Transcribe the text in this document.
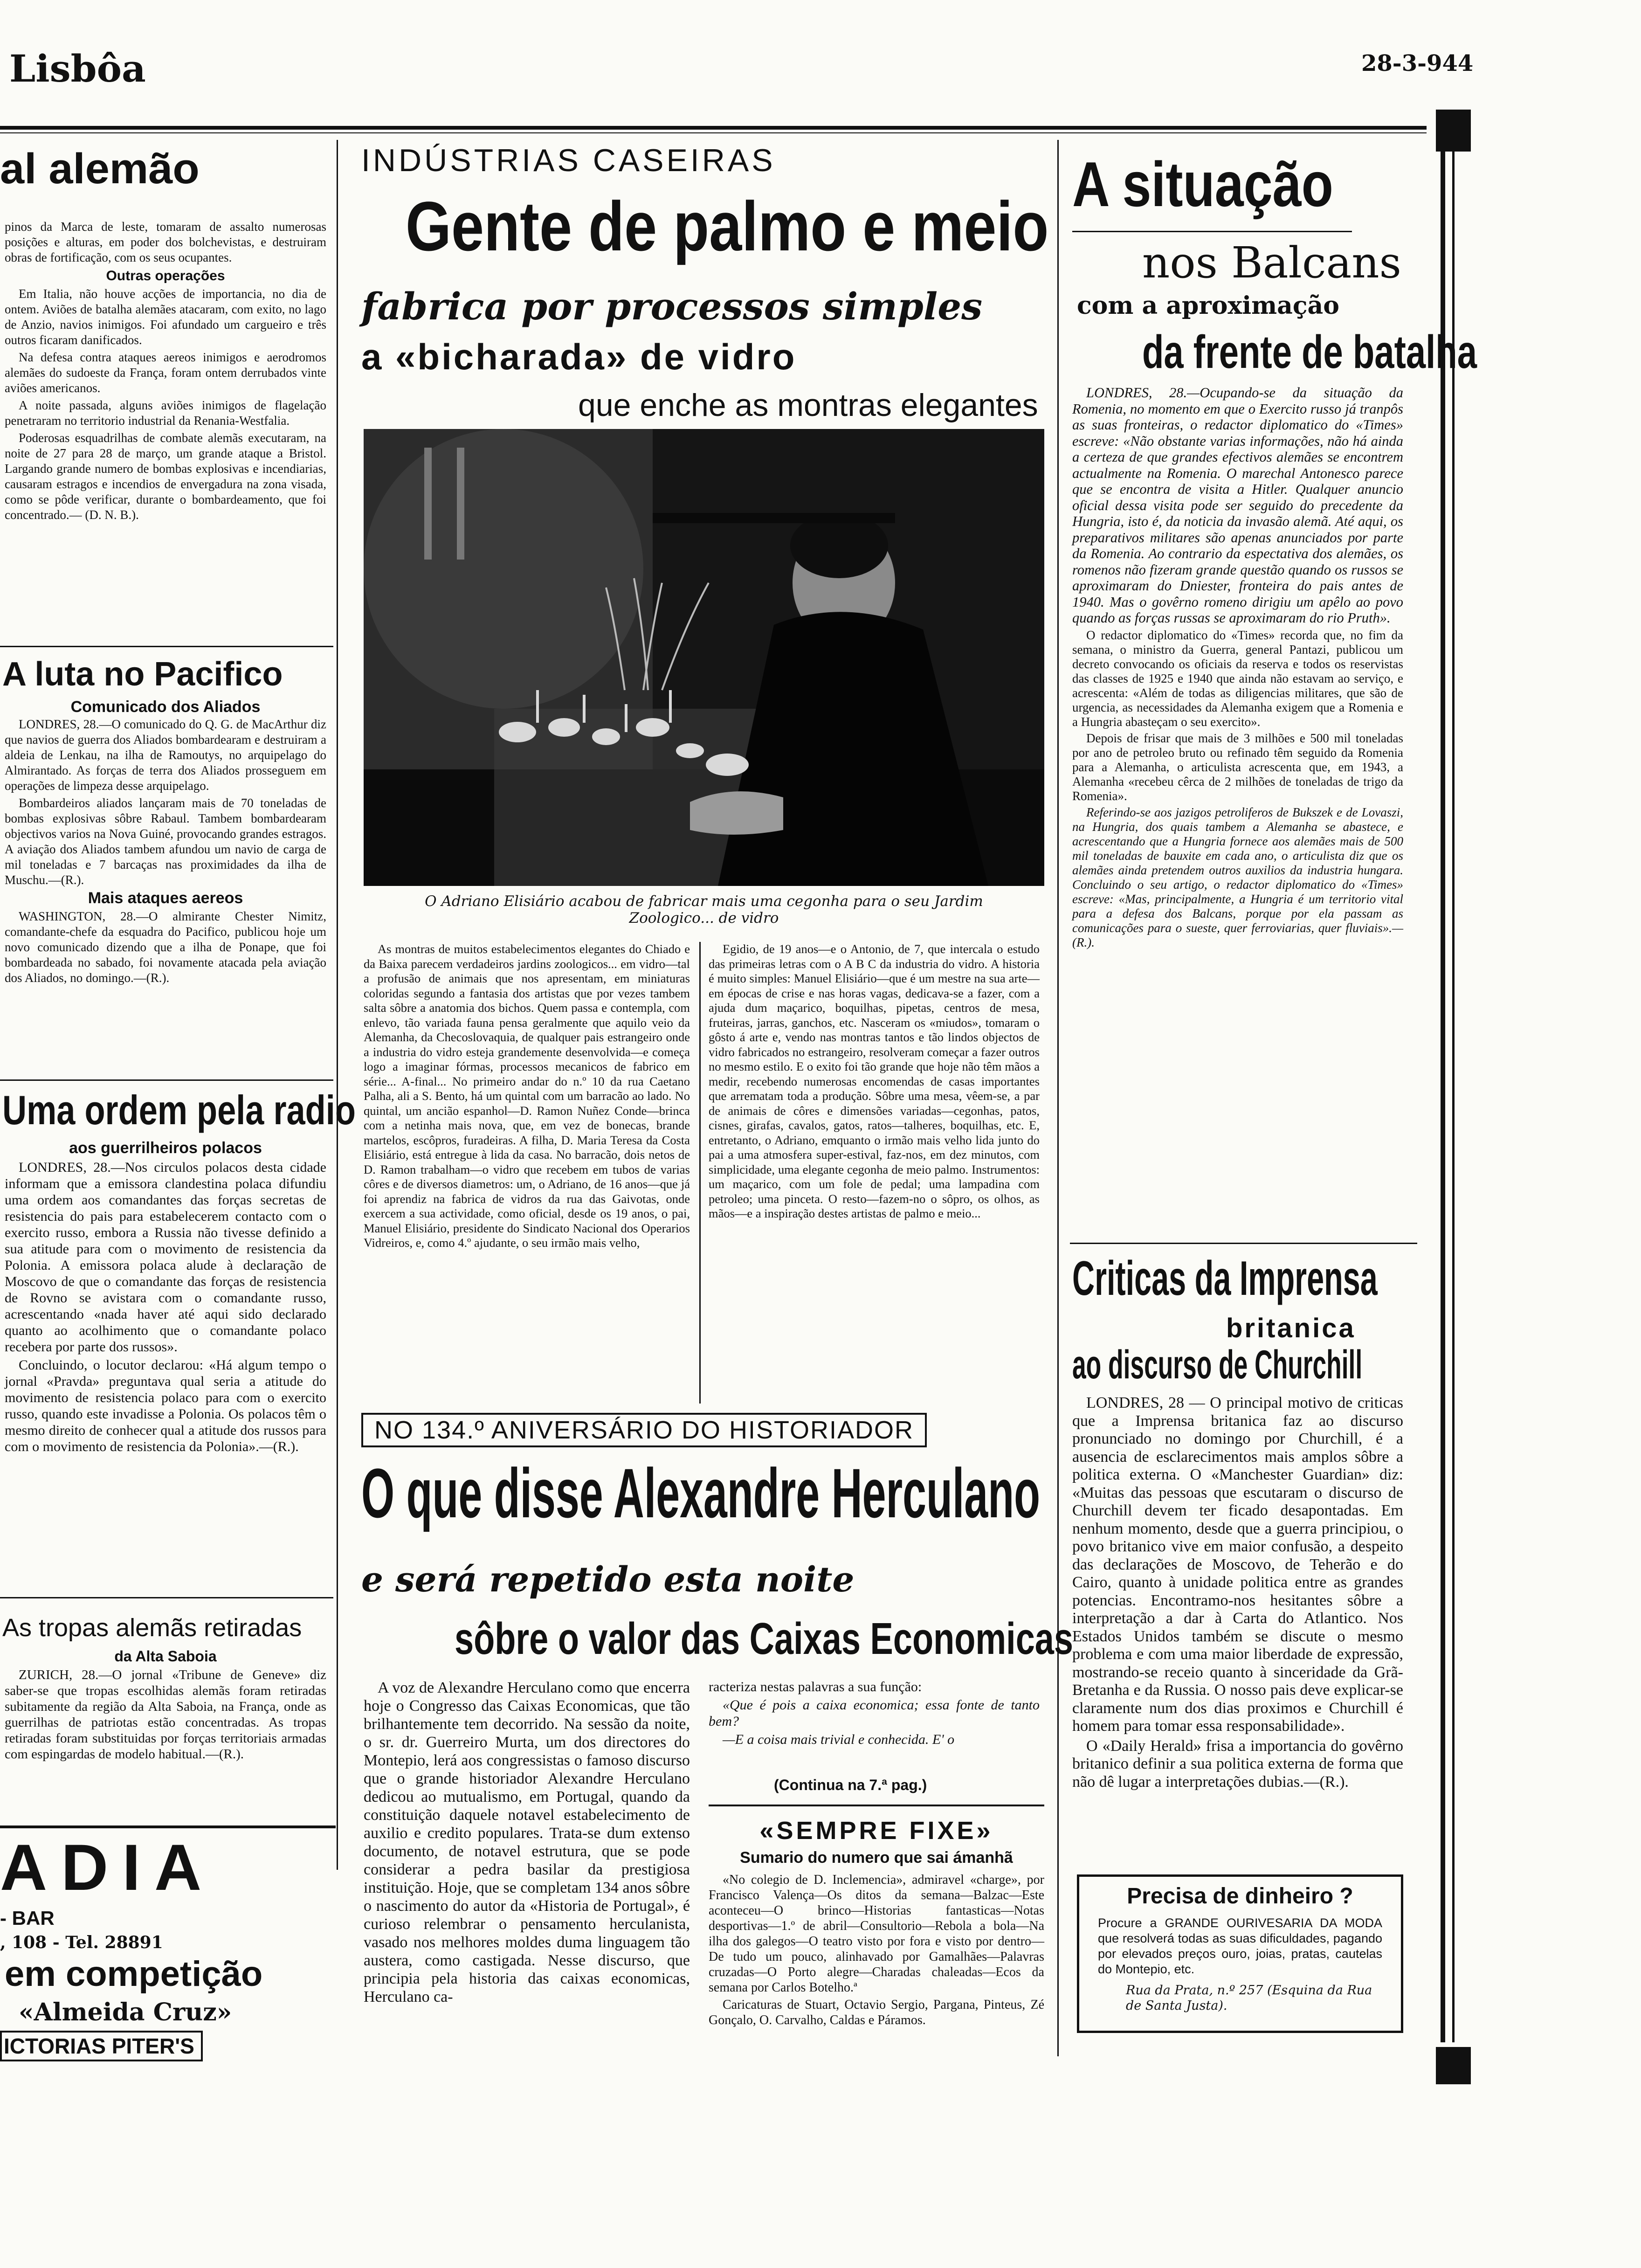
Lisbôa	28-3-944
al alemão

pinos da Marca de leste, tomaram de assalto numerosas posições e alturas, em poder dos bolchevistas, e destruiram obras de fortificação, com os seus ocupantes.

Outras operações

Em Italia, não houve acções de importancia, no dia de ontem. Aviões de batalha alemães atacaram, com exito, no lago de Anzio, navios inimigos. Foi afundado um cargueiro e três outros ficaram danificados.

Na defesa contra ataques aereos inimigos e aerodromos alemães do sudoeste da França, foram ontem derrubados vinte aviões americanos.

A noite passada, alguns aviões inimigos de flagelação penetraram no territorio industrial da Renania-Westfalia.

Poderosas esquadrilhas de combate alemãs executaram, na noite de 27 para 28 de março, um grande ataque a Bristol. Largando grande numero de bombas explosivas e incendiarias, causaram estragos e incendios de envergadura na zona visada, como se pôde verificar, durante o bombardeamento, que foi concentrado.— (D. N. B.).

A luta no Pacifico
Comunicado dos Aliados

LONDRES, 28.—O comunicado do Q. G. de MacArthur diz que navios de guerra dos Aliados bombardearam e destruiram a aldeia de Lenkau, na ilha de Ramoutys, no arquipelago do Almirantado. As forças de terra dos Aliados prosseguem em operações de limpeza desse arquipelago.

Bombardeiros aliados lançaram mais de 70 toneladas de bombas explosivas sôbre Rabaul. Tambem bombardearam objectivos varios na Nova Guiné, provocando grandes estragos. A aviação dos Aliados tambem afundou um navio de carga de mil toneladas e 7 barcaças nas proximidades da ilha de Muschu.—(R.).

Mais ataques aereos

WASHINGTON, 28.—O almirante Chester Nimitz, comandante-chefe da esquadra do Pacifico, publicou hoje um novo comunicado dizendo que a ilha de Ponape, que foi bombardeada no sabado, foi novamente atacada pela aviação dos Aliados, no domingo.—(R.).

Uma ordem pela radio
aos guerrilheiros polacos

LONDRES, 28.—Nos circulos polacos desta cidade informam que a emissora clandestina polaca difundiu uma ordem aos comandantes das forças secretas de resistencia do pais para estabelecerem contacto com o exercito russo, embora a Russia não tivesse definido a sua atitude para com o movimento de resistencia da Polonia. A emissora polaca alude à declaração de Moscovo de que o comandante das forças de resistencia de Rovno se avistara com o comandante russo, acrescentando «nada haver até aqui sido declarado quanto ao acolhimento que o comandante polaco recebera por parte dos russos».

Concluindo, o locutor declarou: «Há algum tempo o jornal «Pravda» preguntava qual seria a atitude do movimento de resistencia polaco para com o exercito russo, quando este invadisse a Polonia. Os polacos têm o mesmo direito de conhecer qual a atitude dos russos para com o movimento de resistencia da Polonia».—(R.).

As tropas alemãs retiradas
da Alta Saboia

ZURICH, 28.—O jornal «Tribune de Geneve» diz saber-se que tropas escolhidas alemãs foram retiradas subitamente da região da Alta Saboia, na França, onde as guerrilhas de patriotas estão concentradas. As tropas retiradas foram substituidas por forças territoriais armadas com espingardas de modelo habitual.—(R.).

ADIA
- BAR
, 108 - Tel. 28891
em competição
«Almeida Cruz»
ICTORIAS PITER'S
INDÚSTRIAS CASEIRAS
Gente de palmo e meio
fabrica por processos simples
a «bicharada» de vidro
que enche as montras elegantes
O Adriano Elisiário acabou de fabricar mais uma cegonha para o seu Jardim Zoologico... de vidro
As montras de muitos estabelecimentos elegantes do Chiado e da Baixa parecem verdadeiros jardins zoologicos... em vidro—tal a profusão de animais que nos apresentam, em miniaturas coloridas segundo a fantasia dos artistas que por vezes tambem salta sôbre a anatomia dos bichos. Quem passa e contempla, com enlevo, tão variada fauna pensa geralmente que aquilo veio da Alemanha, da Checoslovaquia, de qualquer pais estrangeiro onde a industria do vidro esteja grandemente desenvolvida—e começa logo a imaginar fórmas, processos mecanicos de fabrico em série... A-final... No primeiro andar do n.º 10 da rua Caetano Palha, ali a S. Bento, há um quintal com um barracão ao lado. No quintal, um ancião espanhol—D. Ramon Nuñez Conde—brinca com a netinha mais nova, que, em vez de bonecas, brande martelos, escôpros, furadeiras. A filha, D. Maria Teresa da Costa Elisiário, está entregue à lida da casa. No barracão, dois netos de D. Ramon trabalham—o vidro que recebem em tubos de varias côres e de diversos diametros: um, o Adriano, de 16 anos—que já foi aprendiz na fabrica de vidros da rua das Gaivotas, onde exercem a sua actividade, como oficial, desde os 19 anos, o pai, Manuel Elisiário, presidente do Sindicato Nacional dos Operarios Vidreiros, e, como 4.º ajudante, o seu irmão mais velho,
Egidio, de 19 anos—e o Antonio, de 7, que intercala o estudo das primeiras letras com o A B C da industria do vidro. A historia é muito simples: Manuel Elisiário—que é um mestre na sua arte—em épocas de crise e nas horas vagas, dedicava-se a fazer, com a ajuda dum maçarico, boquilhas, pipetas, centros de mesa, fruteiras, jarras, ganchos, etc. Nasceram os «miudos», tomaram o gôsto á arte e, vendo nas montras tantos e tão lindos objectos de vidro fabricados no estrangeiro, resolveram começar a fazer outros no mesmo estilo. E o exito foi tão grande que hoje não têm mãos a medir, recebendo numerosas encomendas de casas importantes que arrematam toda a produção. Sôbre uma mesa, vêem-se, a par de animais de côres e dimensões variadas—cegonhas, patos, cisnes, girafas, cavalos, gatos, ratos—talheres, boquilhas, etc. E, entretanto, o Adriano, emquanto o irmão mais velho lida junto do pai a uma atmosfera super-estival, faz-nos, em dez minutos, com simplicidade, uma elegante cegonha de meio palmo. Instrumentos: um maçarico, com um fole de pedal; uma lampadina com petroleo; uma pinceta. O resto—fazem-no o sôpro, os olhos, as mãos—e a inspiração destes artistas de palmo e meio...
NO 134.º ANIVERSÁRIO DO HISTORIADOR
O que disse Alexandre Herculano
e será repetido esta noite
sôbre o valor das Caixas Economicas
A voz de Alexandre Herculano como que encerra hoje o Congresso das Caixas Economicas, que tão brilhantemente tem decorrido. Na sessão da noite, o sr. dr. Guerreiro Murta, um dos directores do Montepio, lerá aos congressistas o famoso discurso que o grande historiador Alexandre Herculano dedicou ao mutualismo, em Portugal, quando da constituição daquele notavel estabelecimento de auxilio e credito populares. Trata-se dum extenso documento, de notavel estrutura, que se pode considerar a pedra basilar da prestigiosa instituição. Hoje, que se completam 134 anos sôbre o nascimento do autor da «Historia de Portugal», é curioso relembrar o pensamento herculanista, vasado nos melhores moldes duma linguagem tão austera, como castigada. Nesse discurso, que principia pela historia das caixas economicas, Herculano ca-

racteriza nestas palavras a sua função:

«Que é pois a caixa economica; essa fonte de tanto bem?

—E a coisa mais trivial e conhecida. E' o

(Continua na 7.ª pag.)
«SEMPRE FIXE»
Sumario do numero que sai ámanhã

«No colegio de D. Inclemencia», admiravel «charge», por Francisco Valença—Os ditos da semana—Balzac—Este aconteceu—O brinco—Historias fantasticas—Notas desportivas—1.º de abril—Consultorio—Rebola a bola—Na ilha dos galegos—O teatro visto por fora e visto por dentro—De tudo um pouco, alinhavado por Gamalhães—Palavras cruzadas—O Porto alegre—Charadas chaleadas—Ecos da semana por Carlos Botelho.ª

Caricaturas de Stuart, Octavio Sergio, Pargana, Pinteus, Zé Gonçalo, O. Carvalho, Caldas e Páramos.

A situação
nos Balcans
com a aproximação
da frente de batalha

LONDRES, 28.—Ocupando-se da situação da Romenia, no momento em que o Exercito russo já tranpôs as suas fronteiras, o redactor diplomatico do «Times» escreve: «Não obstante varias informações, não há ainda a certeza de que grandes efectivos alemães se encontrem actualmente na Romenia. O marechal Antonesco parece que se encontra de visita a Hitler. Qualquer anuncio oficial dessa visita pode ser seguido do precedente da Hungria, isto é, da noticia da invasão alemã. Até aqui, os preparativos militares são apenas anunciados por parte da Romenia. Ao contrario da espectativa dos alemães, os romenos não fizeram grande questão quando os russos se aproximaram do Dniester, fronteira do pais antes de 1940. Mas o govêrno romeno dirigiu um apêlo ao povo quando as forças russas se aproximaram do rio Pruth».

O redactor diplomatico do «Times» recorda que, no fim da semana, o ministro da Guerra, general Pantazi, publicou um decreto convocando os oficiais da reserva e todos os reservistas das classes de 1925 e 1940 que ainda não estavam ao serviço, e acrescenta: «Além de todas as diligencias militares, que são de urgencia, as necessidades da Alemanha exigem que a Romenia e a Hungria abasteçam o seu exercito».

Depois de frisar que mais de 3 milhões e 500 mil toneladas por ano de petroleo bruto ou refinado têm seguido da Romenia para a Alemanha, o articulista acrescenta que, em 1943, a Alemanha «recebeu cêrca de 2 milhões de toneladas de trigo da Romenia».

Referindo-se aos jazigos petroliferos de Bukszek e de Lovaszi, na Hungria, dos quais tambem a Alemanha se abastece, e acrescentando que a Hungria fornece aos alemães mais de 500 mil toneladas de bauxite em cada ano, o articulista diz que os alemães ainda pretendem outros auxilios da industria hungara. Concluindo o seu artigo, o redactor diplomatico do «Times» escreve: «Mas, principalmente, a Hungria é um territorio vital para a defesa dos Balcans, porque por ela passam as comunicações para o sueste, quer ferroviarias, quer fluviais».—(R.).

Criticas da Imprensa
britanica
ao discurso de Churchill

LONDRES, 28 — O principal motivo de criticas que a Imprensa britanica faz ao discurso pronunciado no domingo por Churchill, é a ausencia de esclarecimentos mais amplos sôbre a politica externa. O «Manchester Guardian» diz: «Muitas das pessoas que escutaram o discurso de Churchill devem ter ficado desapontadas. Em nenhum momento, desde que a guerra principiou, o povo britanico vive em maior confusão, a despeito das declarações de Moscovo, de Teherão e do Cairo, quanto à unidade politica entre as grandes potencias. Encontramo-nos hesitantes sôbre a interpretação a dar à Carta do Atlantico. Nos Estados Unidos também se discute o mesmo problema e com uma maior liberdade de expressão, mostrando-se receio quanto à sinceridade da Grã-Bretanha e da Russia. O nosso pais deve explicar-se claramente num dos dias proximos e Churchill é homem para tomar essa responsabilidade».

O «Daily Herald» frisa a importancia do govêrno britanico definir a sua politica externa de forma que não dê lugar a interpretações dubias.—(R.).

Precisa de dinheiro ?
Procure a GRANDE OURIVESARIA DA MODA que resolverá todas as suas dificuldades, pagando por elevados preços ouro, joias, pratas, cautelas do Montepio, etc.
Rua da Prata, n.º 257 (Esquina da Rua de Santa Justa).
